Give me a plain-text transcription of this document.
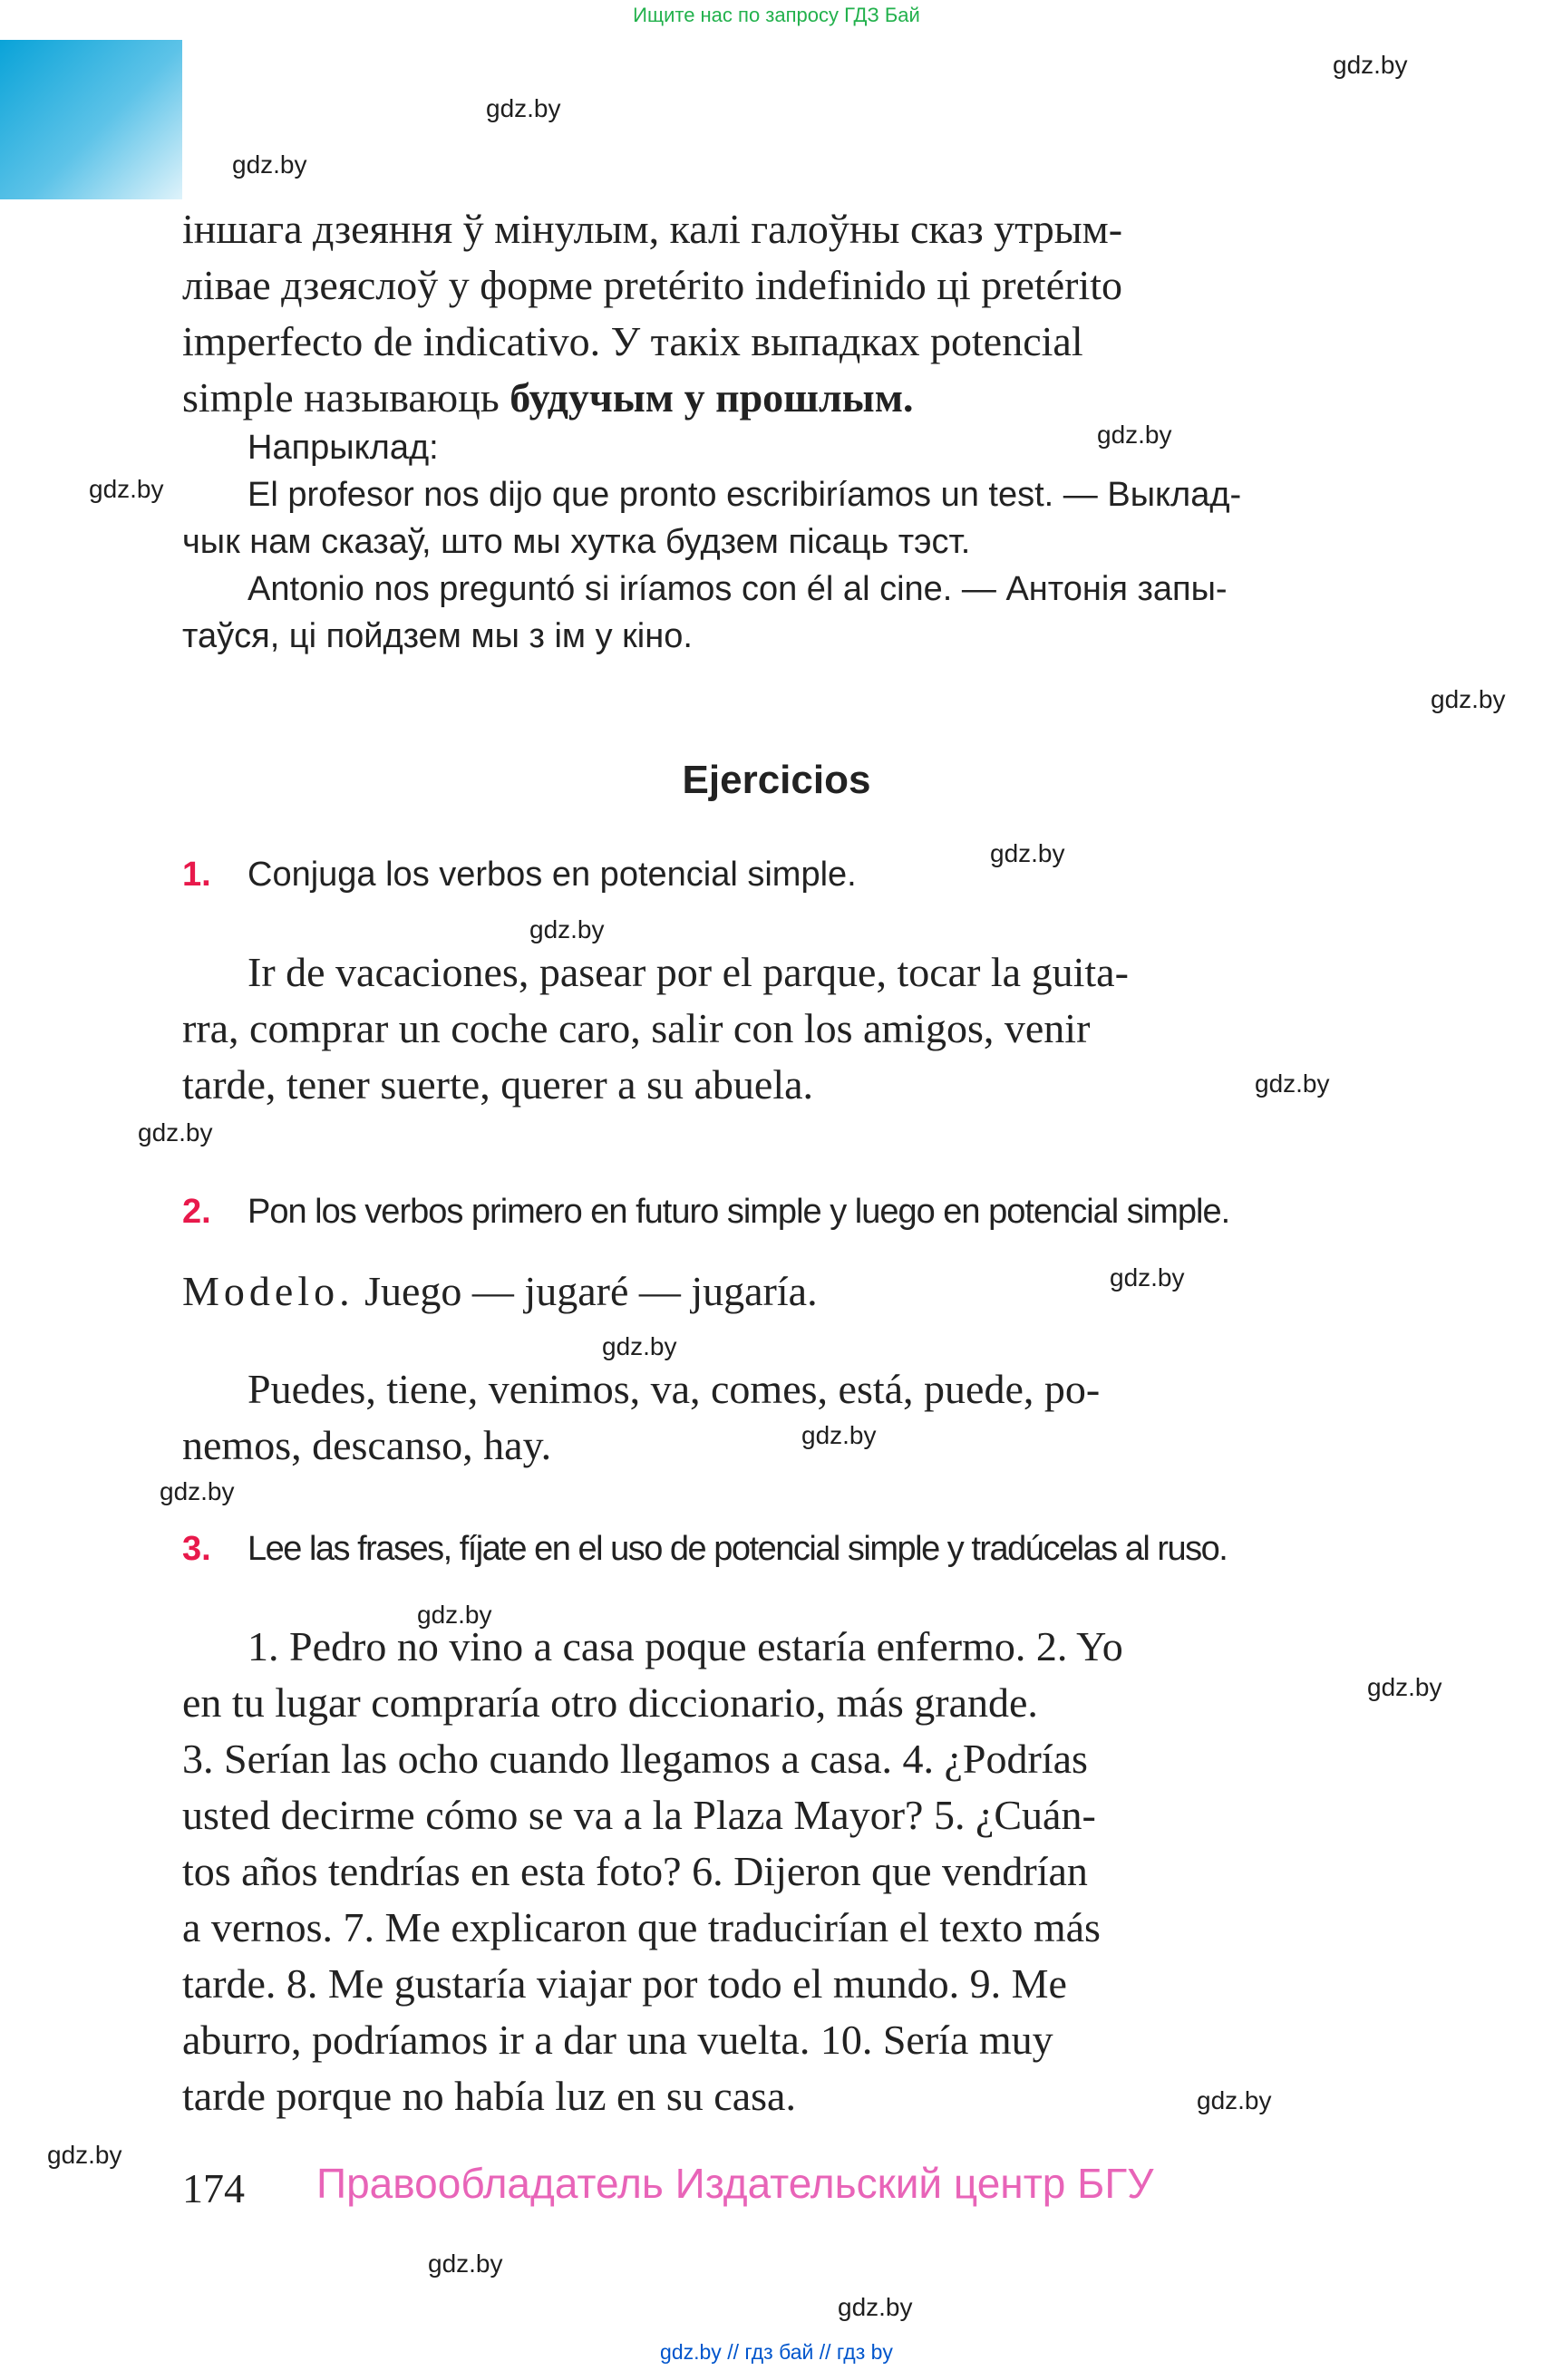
Ищите нас по запросу ГДЗ Бай
gdz.by
gdz.by
gdz.by
gdz.by
gdz.by
gdz.by
gdz.by
gdz.by
gdz.by
gdz.by
gdz.by
gdz.by
gdz.by
gdz.by
gdz.by
gdz.by
gdz.by
gdz.by
gdz.by
gdz.by
іншага дзеяння ў мінулым, калі галоўны сказ утрым-
лівае дзеяслоў у форме pretérito indefinido ці pretérito
imperfecto de indicativo. У такіх выпадках potencial
simple называюць будучым у прошлым.
Напрыклад:
El profesor nos dijo que pronto escribiríamos un test. — Выклад-
чык нам сказаў, што мы хутка будзем пісаць тэст.
Antonio nos preguntó si iríamos con él al cine. — Антонія запы-
таўся, ці пойдзем мы з ім у кіно.
Ejercicios
1. Conjuga los verbos en potencial simple.
Ir de vacaciones, pasear por el parque, tocar la guita-
rra, comprar un coche caro, salir con los amigos, venir
tarde, tener suerte, querer a su abuela.
2. Pon los verbos primero en futuro simple y luego en potencial simple.
Modelo. Juego — jugaré — jugaría.
Puedes, tiene, venimos, va, comes, está, puede, po-
nemos, descanso, hay.
3. Lee las frases, fíjate en el uso de potencial simple y tradúcelas al ruso.
1. Pedro no vino a casa poque estaría enfermo. 2. Yo
en tu lugar compraría otro diccionario, más grande.
3. Serían las ocho cuando llegamos a casa. 4. ¿Podrías
usted decirme cómo se va a la Plaza Mayor? 5. ¿Cuán-
tos años tendrías en esta foto? 6. Dijeron que vendrían
a vernos. 7. Me explicaron que traducirían el texto más
tarde. 8. Me gustaría viajar por todo el mundo. 9. Me
aburro, podríamos ir a dar una vuelta. 10. Sería muy
tarde porque no había luz en su casa.
174 Правообладатель Издательский центр БГУ
gdz.by // гдз бай // гдз by
